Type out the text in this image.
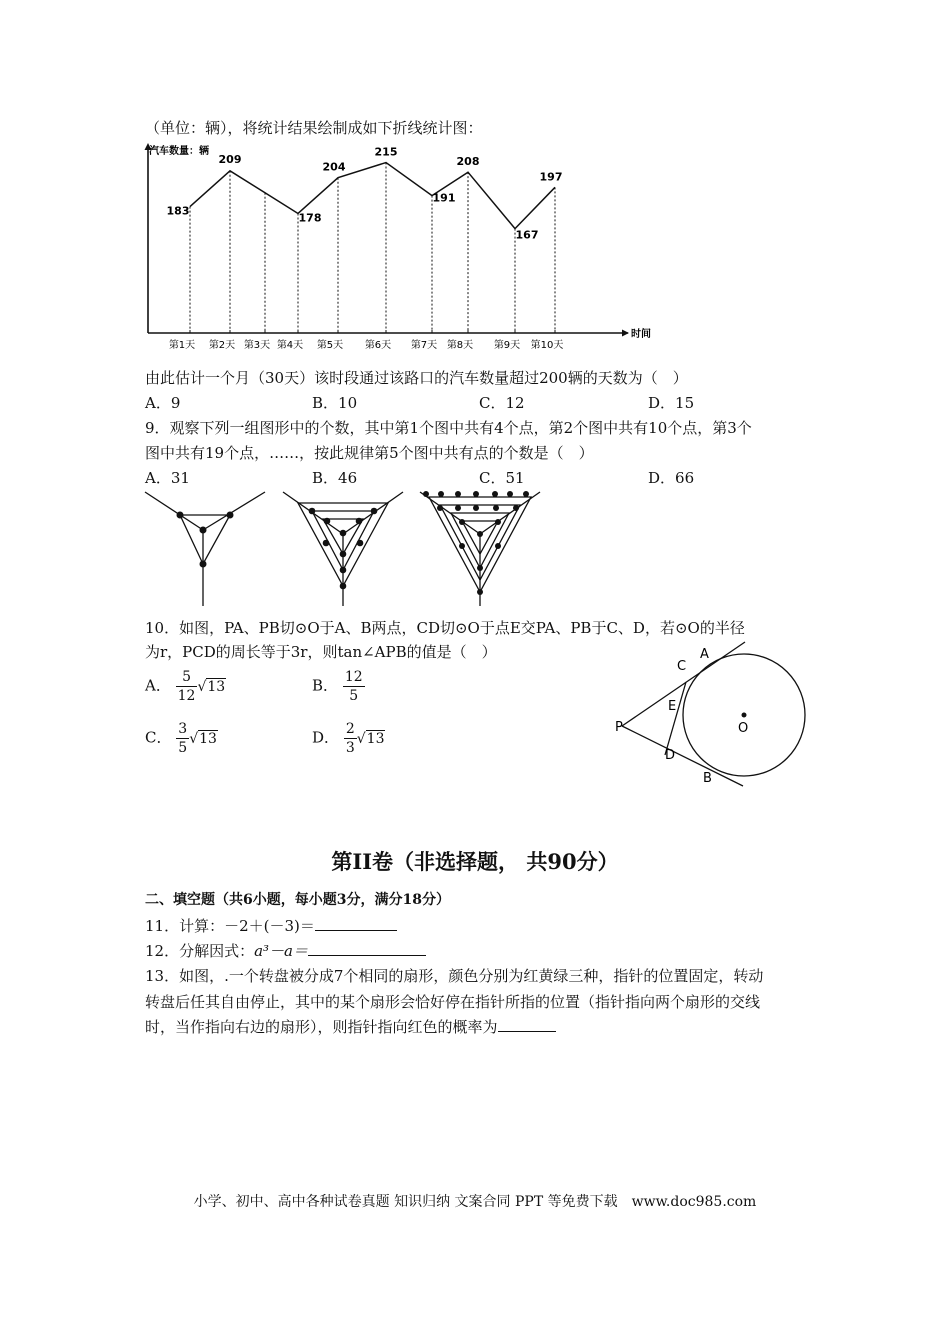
（单位：辆），将统计结果绘制成如下折线统计图：
汽车数量：辆
时间
第1天 第2天 第3天 第4天 第5天 第6天 第7天 第8天 第9天 第10天
183
209
178
204
215
191
208
167
197
由此估计一个月（30天）该时段通过该路口的汽车数量超过200辆的天数为（　）
A．9	B．10	C．12	D．15
9．观察下列一组图形中的个数，其中第1个图中共有4个点，第2个图中共有10个点，第3个
图中共有19个点，……，按此规律第5个图中共有点的个数是（　）
A．31	B．46	C．51	D．66
10．如图，PA、PB切⊙O于A、B两点，CD切⊙O于点E交PA、PB于C、D，若⊙O的半径
为r，PCD的周长等于3r，则tan∠APB的值是（　）
A． $\frac{5}{12} √13$	B． $\frac{12}{5}$
C． $\frac{3}{5} √13$	D． $\frac{2}{3} √13$
A
C
E
P	O
D
B
第II卷（非选择题， 共90分）
二、填空题（共6小题，每小题3分，满分18分）
11．计算：－2＋(－3)＝
12．分解因式：a³－a＝
13．如图，.一个转盘被分成7个相同的扇形，颜色分别为红黄绿三种，指针的位置固定，转动
转盘后任其自由停止，其中的某个扇形会恰好停在指针所指的位置（指针指向两个扇形的交线
时，当作指向右边的扇形），则指针指向红色的概率为
小学、初中、高中各种试卷真题 知识归纳 文案合同 PPT 等免费下载　www.doc985.com
